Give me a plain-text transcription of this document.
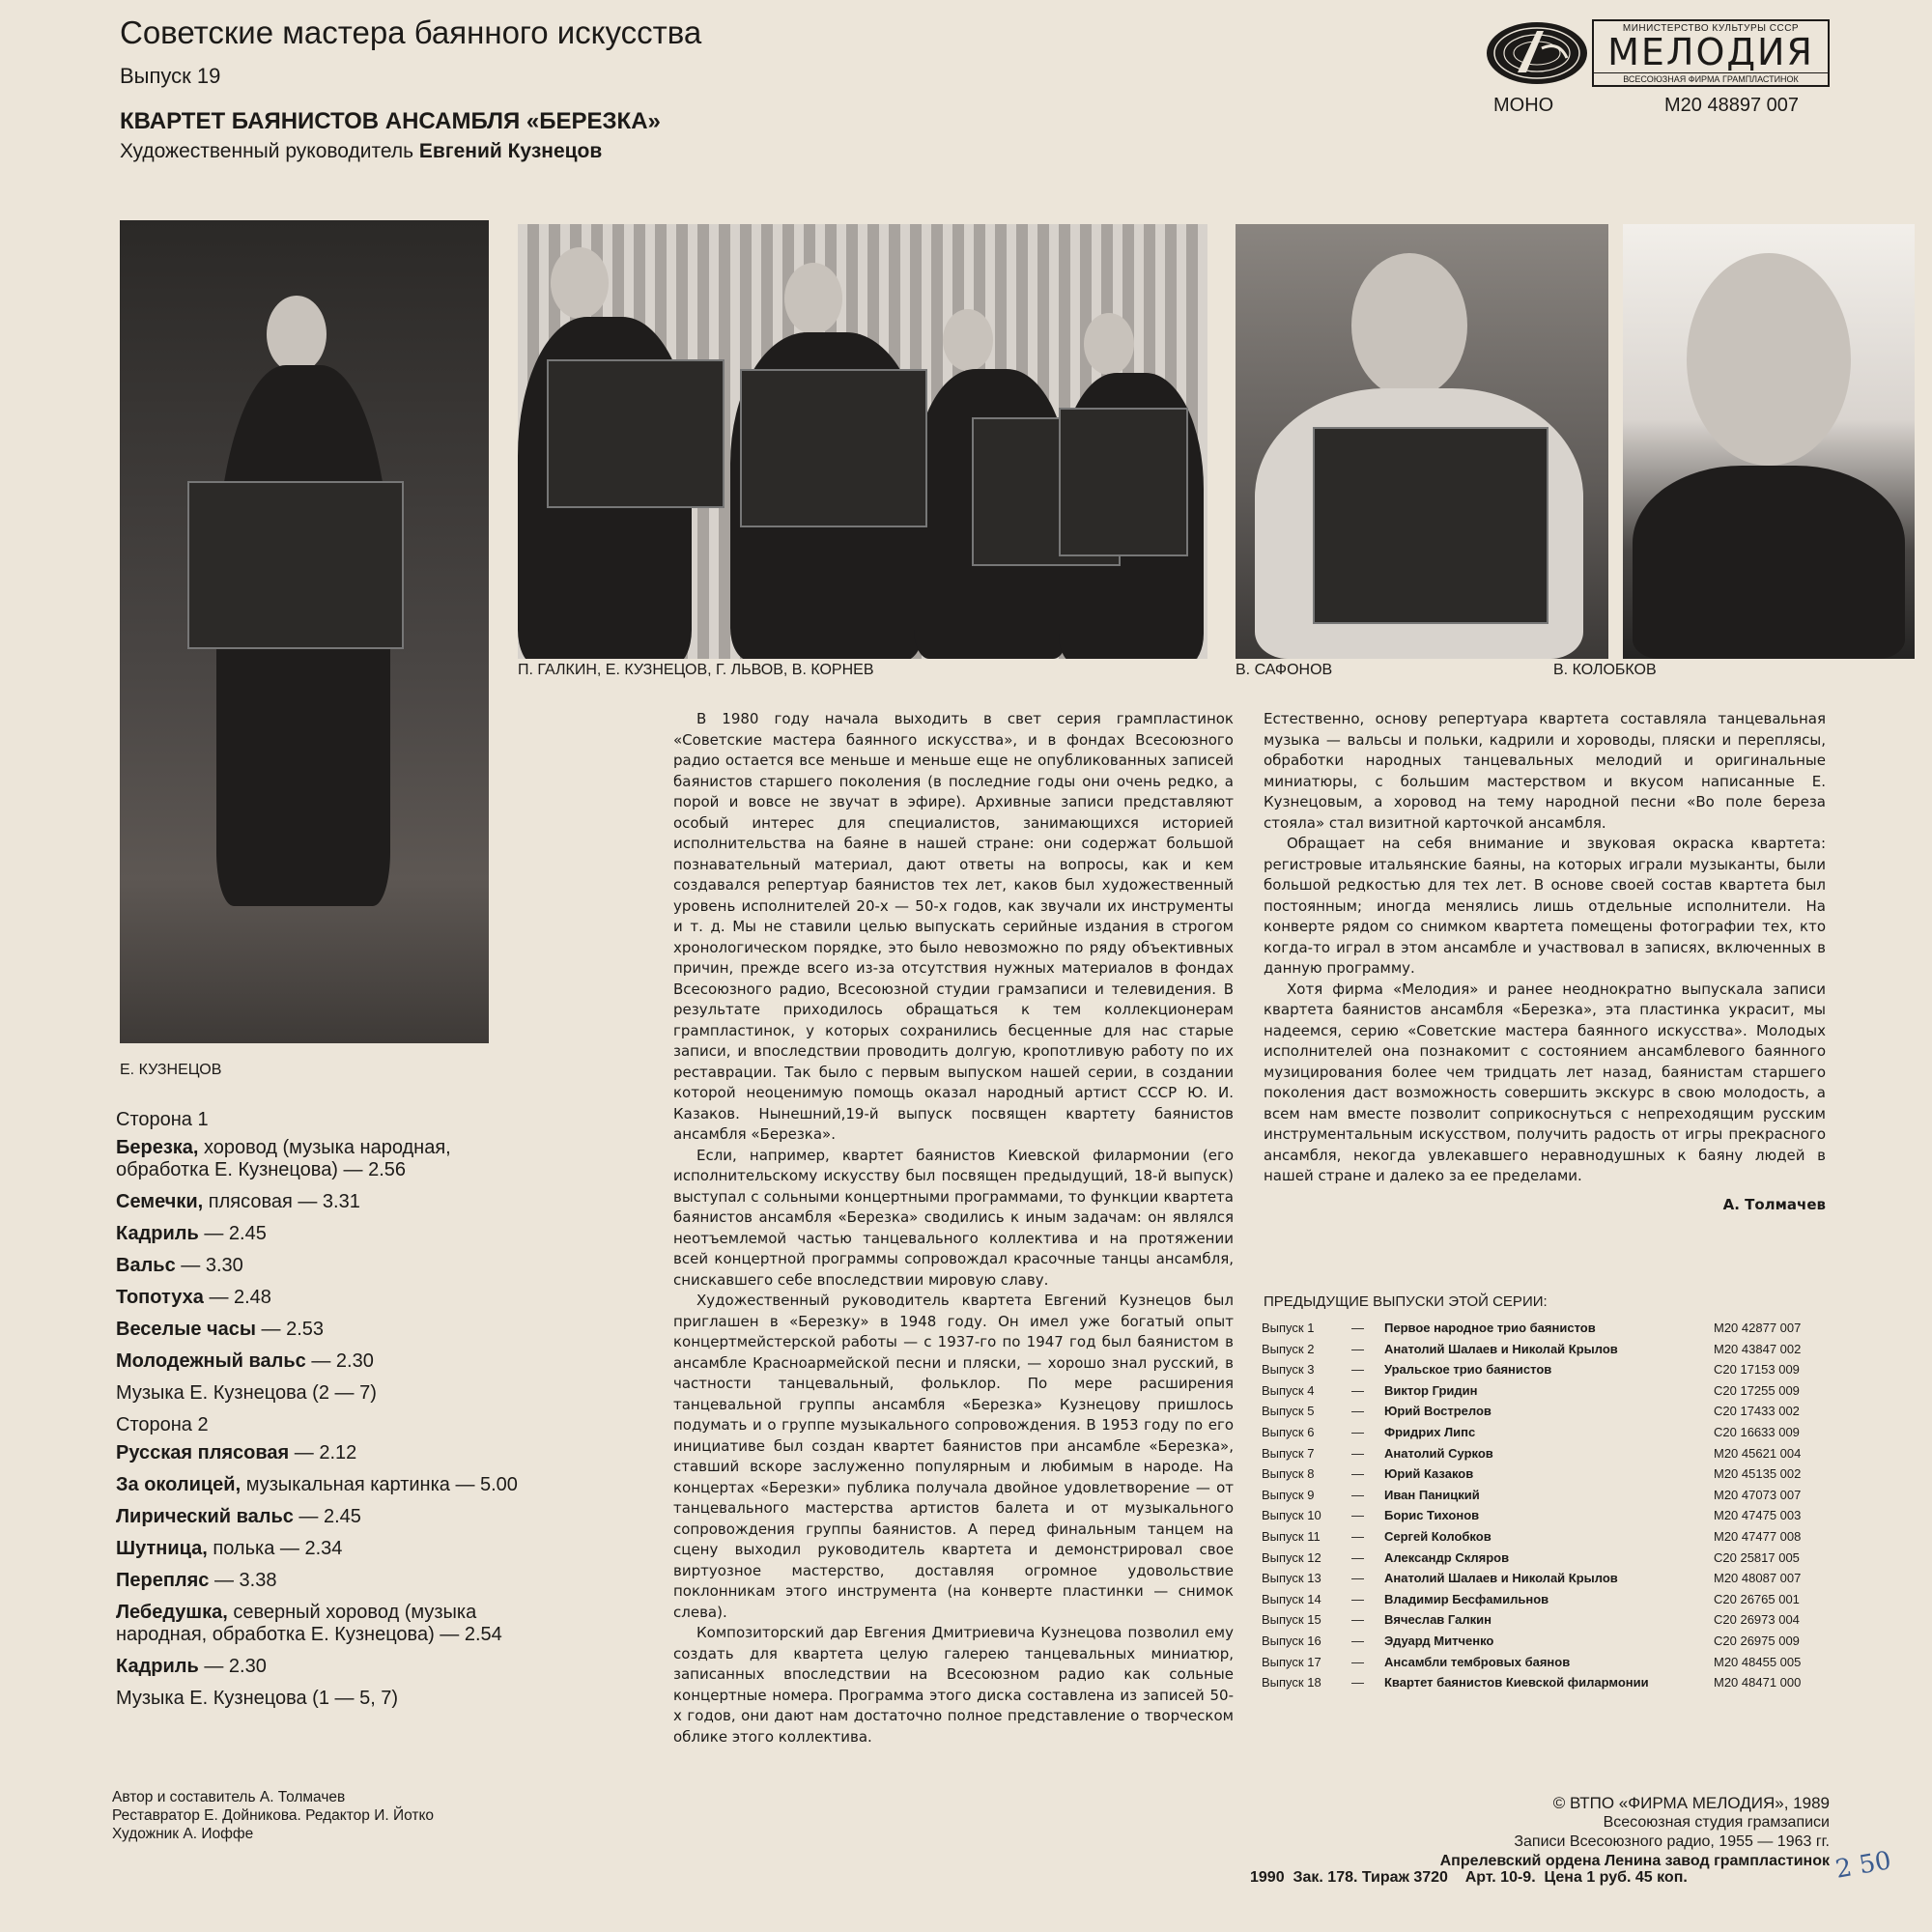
Советские мастера баянного искусства
Выпуск 19
КВАРТЕТ БАЯНИСТОВ АНСАМБЛЯ «БЕРЕЗКА»
Художественный руководитель Евгений Кузнецов
МИНИСТЕРСТВО КУЛЬТУРЫ СССР
МЕЛОДИЯ
ВСЕСОЮЗНАЯ ФИРМА ГРАМПЛАСТИНОК
МОНО	М20 48897 007
Е. КУЗНЕЦОВ
П. ГАЛКИН, Е. КУЗНЕЦОВ, Г. ЛЬВОВ, В. КОРНЕВ	В. САФОНОВ	В. КОЛОБКОВ
Сторона 1
Березка, хоровод (музыка народная, обработка Е. Кузнецова) — 2.56
Семечки, плясовая — 3.31
Кадриль — 2.45
Вальс — 3.30
Топотуха — 2.48
Веселые часы — 2.53
Молодежный вальс — 2.30
Музыка Е. Кузнецова (2 — 7)
Сторона 2
Русская плясовая — 2.12
За околицей, музыкальная картинка — 5.00
Лирический вальс — 2.45
Шутница, полька — 2.34
Перепляс — 3.38
Лебедушка, северный хоровод (музыка народная, обработка Е. Кузнецова) — 2.54
Кадриль — 2.30
Музыка Е. Кузнецова (1 — 5, 7)
Автор и составитель А. Толмачев
Реставратор Е. Дойникова. Редактор И. Йотко
Художник А. Иоффе

В 1980 году начала выходить в свет серия грампластинок «Советские мастера баянного искусства», и в фондах Всесоюзного радио остается все меньше и меньше еще не опубликованных записей баянистов старшего поколения (в последние годы они очень редко, а порой и вовсе не звучат в эфире). Архивные записи представляют особый интерес для специалистов, занимающихся историей исполнительства на баяне в нашей стране: они содержат большой познавательный материал, дают ответы на вопросы, как и кем создавался репертуар баянистов тех лет, каков был художественный уровень исполнителей 20-х — 50-х годов, как звучали их инструменты и т. д. Мы не ставили целью выпускать серийные издания в строгом хронологическом порядке, это было невозможно по ряду объективных причин, прежде всего из-за отсутствия нужных материалов в фондах Всесоюзного радио, Всесоюзной студии грамзаписи и телевидения. В результате приходилось обращаться к тем коллекционерам грампластинок, у которых сохранились бесценные для нас старые записи, и впоследствии проводить долгую, кропотливую работу по их реставрации. Так было с первым выпуском нашей серии, в создании которой неоценимую помощь оказал народный артист СССР Ю. И. Казаков. Нынешний,19-й выпуск посвящен квартету баянистов ансамбля «Березка».

Если, например, квартет баянистов Киевской филармонии (его исполнительскому искусству был посвящен предыдущий, 18-й выпуск) выступал с сольными концертными программами, то функции квартета баянистов ансамбля «Березка» сводились к иным задачам: он являлся неотъемлемой частью танцевального коллектива и на протяжении всей концертной программы сопровождал красочные танцы ансамбля, снискавшего себе впоследствии мировую славу.

Художественный руководитель квартета Евгений Кузнецов был приглашен в «Березку» в 1948 году. Он имел уже богатый опыт концертмейстерской работы — с 1937-го по 1947 год был баянистом в ансамбле Красноармейской песни и пляски, — хорошо знал русский, в частности танцевальный, фольклор. По мере расширения танцевальной группы ансамбля «Березка» Кузнецову пришлось подумать и о группе музыкального сопровождения. В 1953 году по его инициативе был создан квартет баянистов при ансамбле «Березка», ставший вскоре заслуженно популярным и любимым в народе. На концертах «Березки» публика получала двойное удовлетворение — от танцевального мастерства артистов балета и от музыкального сопровождения группы баянистов. А перед финальным танцем на сцену выходил руководитель квартета и демонстрировал свое виртуозное мастерство, доставляя огромное удовольствие поклонникам этого инструмента (на конверте пластинки — снимок слева).

Композиторский дар Евгения Дмитриевича Кузнецова позволил ему создать для квартета целую галерею танцевальных миниатюр, записанных впоследствии на Всесоюзном радио как сольные концертные номера. Программа этого диска составлена из записей 50-х годов, они дают нам достаточно полное представление о творческом облике этого коллектива.

Естественно, основу репертуара квартета составляла танцевальная музыка — вальсы и польки, кадрили и хороводы, пляски и переплясы, обработки народных танцевальных мелодий и оригинальные миниатюры, с большим мастерством и вкусом написанные Е. Кузнецовым, а хоровод на тему народной песни «Во поле береза стояла» стал визитной карточкой ансамбля.

Обращает на себя внимание и звуковая окраска квартета: регистровые итальянские баяны, на которых играли музыканты, были большой редкостью для тех лет. В основе своей состав квартета был постоянным; иногда менялись лишь отдельные исполнители. На конверте рядом со снимком квартета помещены фотографии тех, кто когда-то играл в этом ансамбле и участвовал в записях, включенных в данную программу.

Хотя фирма «Мелодия» и ранее неоднократно выпускала записи квартета баянистов ансамбля «Березка», эта пластинка украсит, мы надеемся, серию «Советские мастера баянного искусства». Молодых исполнителей она познакомит с состоянием ансамблевого баянного музицирования более чем тридцать лет назад, баянистам старшего поколения даст возможность совершить экскурс в свою молодость, а всем нам вместе позволит соприкоснуться с непреходящим русским инструментальным искусством, получить радость от игры прекрасного ансамбля, некогда увлекавшего неравнодушных к баяну людей в нашей стране и далеко за ее пределами.

А. Толмачев
ПРЕДЫДУЩИЕ ВЫПУСКИ ЭТОЙ СЕРИИ:
Выпуск 1	— Первое народное трио баянистов	М20 42877 007
Выпуск 2	— Анатолий Шалаев и Николай Крылов	М20 43847 002
Выпуск 3	— Уральское трио баянистов	С20 17153 009
Выпуск 4	— Виктор Гридин	С20 17255 009
Выпуск 5	— Юрий Вострелов	С20 17433 002
Выпуск 6	— Фридрих Липс	С20 16633 009
Выпуск 7	— Анатолий Сурков	М20 45621 004
Выпуск 8	— Юрий Казаков	М20 45135 002
Выпуск 9	— Иван Паницкий	М20 47073 007
Выпуск 10 — Борис Тихонов	М20 47475 003
Выпуск 11 — Сергей Колобков	М20 47477 008
Выпуск 12 — Александр Скляров	С20 25817 005
Выпуск 13 — Анатолий Шалаев и Николай Крылов	М20 48087 007
Выпуск 14 — Владимир Бесфамильнов	С20 26765 001
Выпуск 15 — Вячеслав Галкин	С20 26973 004
Выпуск 16 — Эдуард Митченко	С20 26975 009
Выпуск 17 — Ансамбли тембровых баянов	М20 48455 005
Выпуск 18 — Квартет баянистов Киевской филармонии	М20 48471 000
© ВТПО «ФИРМА МЕЛОДИЯ», 1989
Всесоюзная студия грамзаписи
Записи Всесоюзного радио, 1955 — 1963 гг.
Апрелевский ордена Ленина завод грампластинок
1990  Зак. 178. Тираж 3720    Арт. 10-9.  Цена 1 руб. 45 коп.	2 50
